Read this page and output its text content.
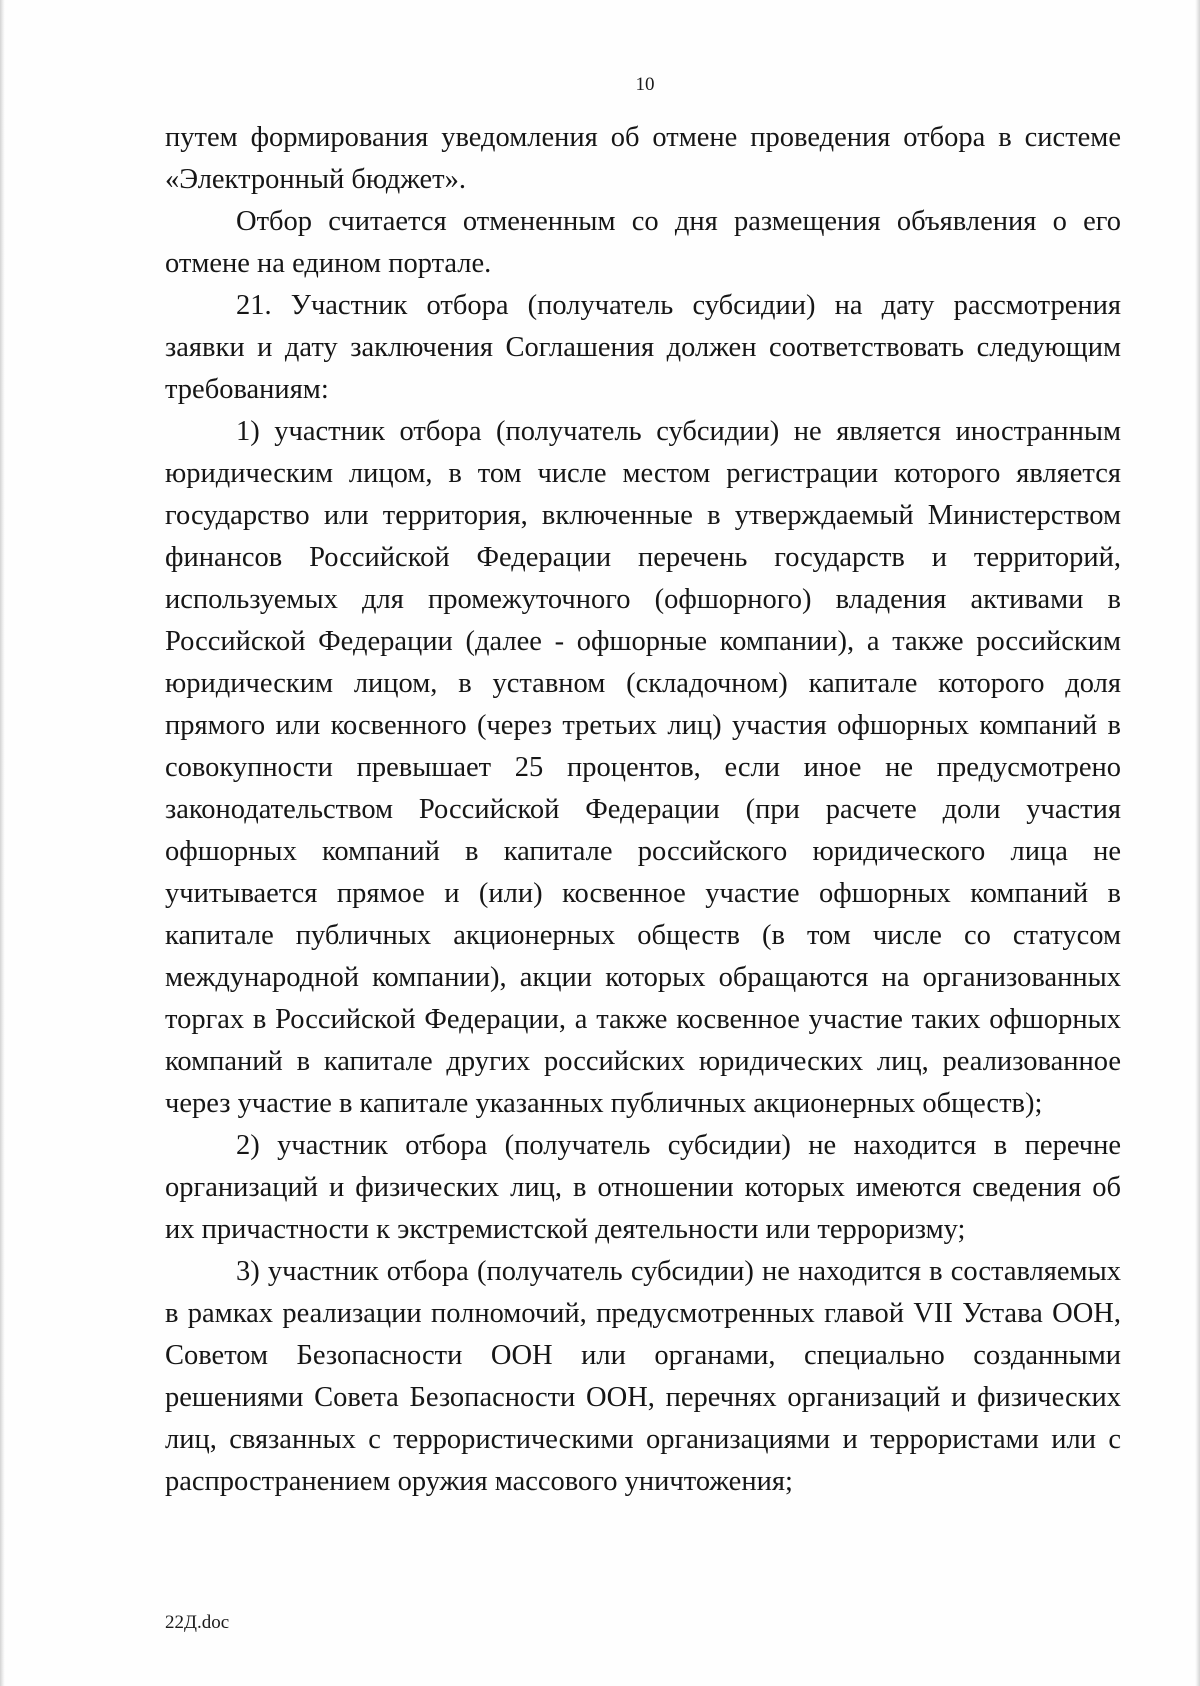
10

путем формирования уведомления об отмене проведения отбора в системе «Электронный бюджет».

Отбор считается отмененным со дня размещения объявления о его отмене на едином портале.

21. Участник отбора (получатель субсидии) на дату рассмотрения заявки и дату заключения Соглашения должен соответствовать следующим требованиям:

1) участник отбора (получатель субсидии) не является иностранным юридическим лицом, в том числе местом регистрации которого является государство или территория, включенные в утверждаемый Министерством финансов Российской Федерации перечень государств и территорий, используемых для промежуточного (офшорного) владения активами в Российской Федерации (далее - офшорные компании), а также российским юридическим лицом, в уставном (складочном) капитале которого доля прямого или косвенного (через третьих лиц) участия офшорных компаний в совокупности превышает 25 процентов, если иное не предусмотрено законодательством Российской Федерации (при расчете доли участия офшорных компаний в капитале российского юридического лица не учитывается прямое и (или) косвенное участие офшорных компаний в капитале публичных акционерных обществ (в том числе со статусом международной компании), акции которых обращаются на организованных торгах в Российской Федерации, а также косвенное участие таких офшорных компаний в капитале других российских юридических лиц, реализованное через участие в капитале указанных публичных акционерных обществ);

2) участник отбора (получатель субсидии) не находится в перечне организаций и физических лиц, в отношении которых имеются сведения об их причастности к экстремистской деятельности или терроризму;

3) участник отбора (получатель субсидии) не находится в составляемых в рамках реализации полномочий, предусмотренных главой VII Устава ООН, Советом Безопасности ООН или органами, специально созданными решениями Совета Безопасности ООН, перечнях организаций и физических лиц, связанных с террористическими организациями и террористами или с распространением оружия массового уничтожения;

22Д.doc
